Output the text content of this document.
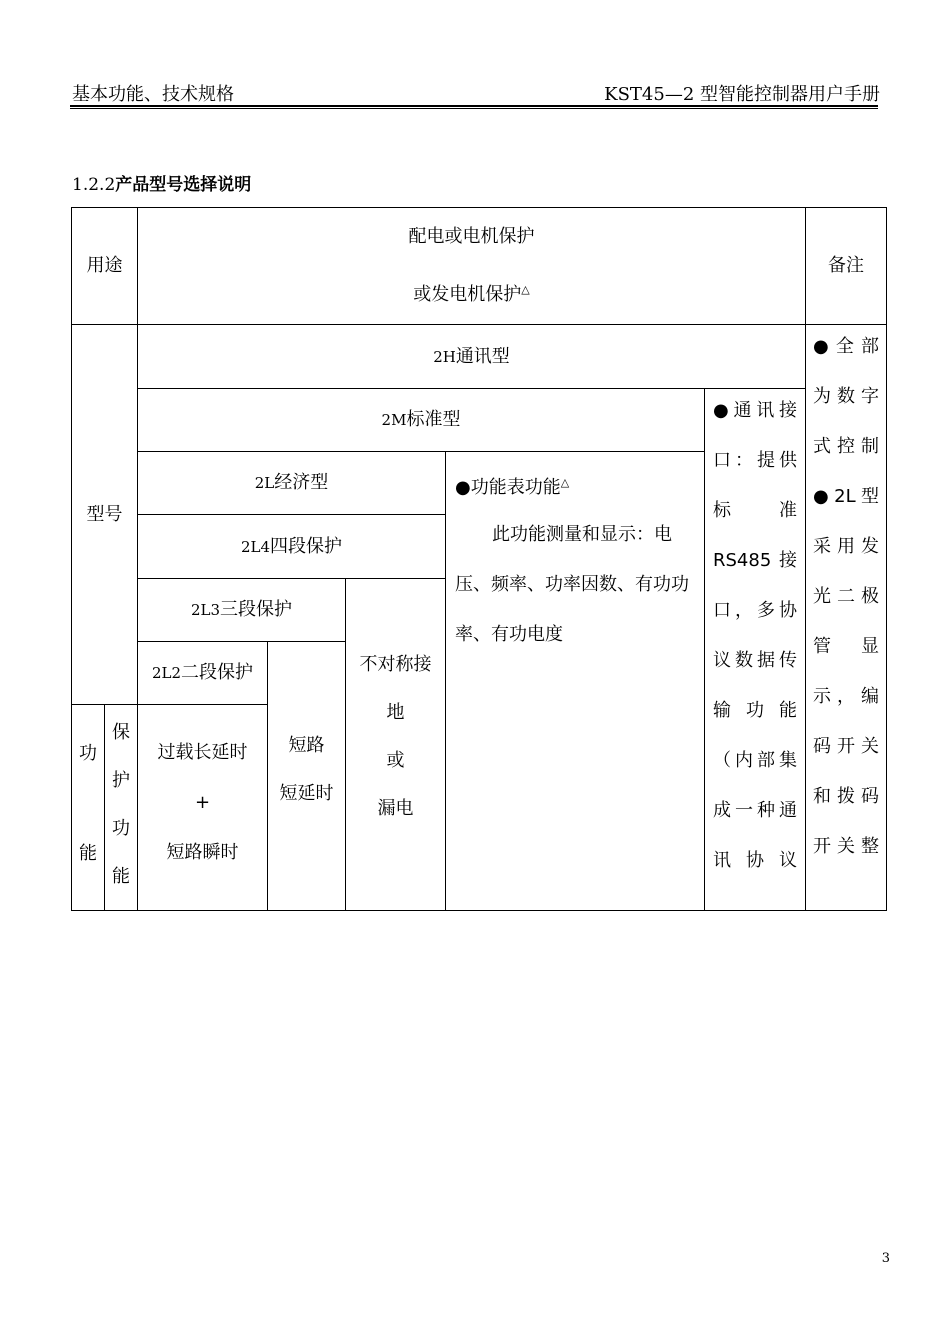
基本功能、技术规格	KST45—2 型智能控制器用户手册
1.2.2产品型号选择说明
用途
配电或电机保护
或发电机保护△
备注
型号
功
能
保
护
功
能
2H通讯型
2M标准型
2L经济型
2L4四段保护
2L3三段保护
2L2二段保护
过载长延时
+
短路瞬时
短路
短延时
不对称接
地
或
漏电
●功能表功能△
此功能测量和显示：电
压、频率、功率因数、有功功
率、有功电度
●通讯接
口：提供
标　　准
RS485接
口，多协
议数据传
输功能
（内部集
成一种通
讯协议
●全部
为数字
式控制
●2L型
采用发
光二极
管　显
示，编
码开关
和拨码
开关整
3
